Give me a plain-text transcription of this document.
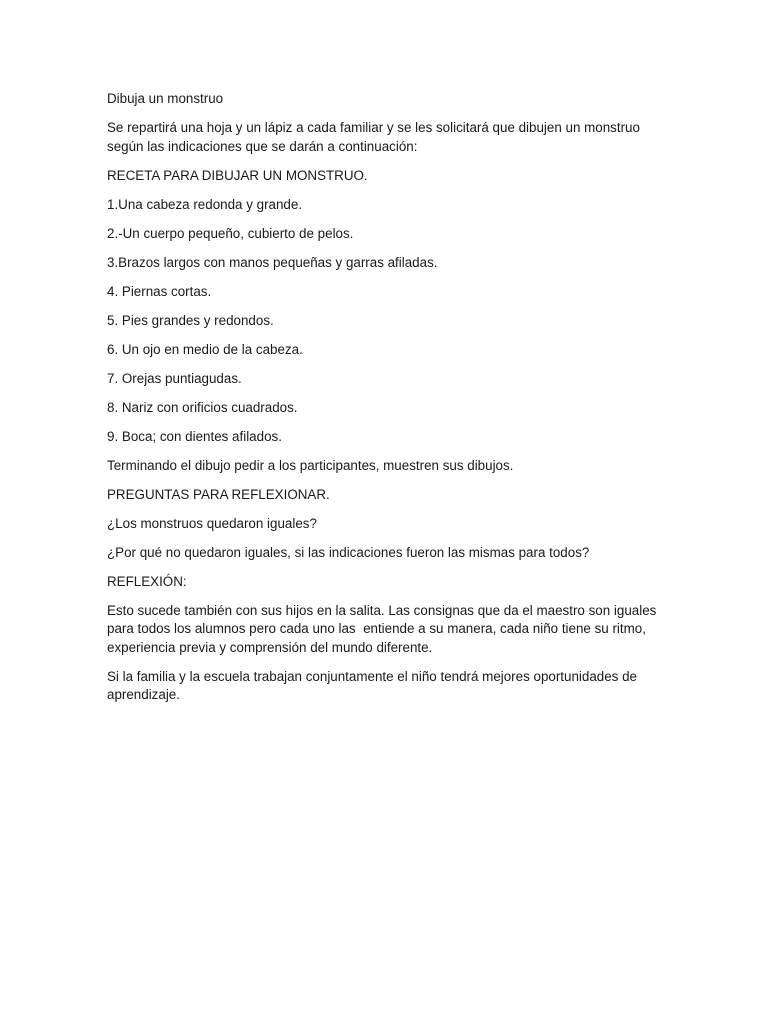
Dibuja un monstruo

Se repartirá una hoja y un lápiz a cada familiar y se les solicitará que dibujen un monstruo según las indicaciones que se darán a continuación:

RECETA PARA DIBUJAR UN MONSTRUO.

1.Una cabeza redonda y grande.

2.-Un cuerpo pequeño, cubierto de pelos.

3.Brazos largos con manos pequeñas y garras afiladas.

4. Piernas cortas.

5. Pies grandes y redondos.

6. Un ojo en medio de la cabeza.

7. Orejas puntiagudas.

8. Nariz con orificios cuadrados.

9. Boca; con dientes afilados.

Terminando el dibujo pedir a los participantes, muestren sus dibujos.

PREGUNTAS PARA REFLEXIONAR.

¿Los monstruos quedaron iguales?

¿Por qué no quedaron iguales, si las indicaciones fueron las mismas para todos?

REFLEXIÓN:

Esto sucede también con sus hijos en la salita. Las consignas que da el maestro son iguales para todos los alumnos pero cada uno las  entiende a su manera, cada niño tiene su ritmo, experiencia previa y comprensión del mundo diferente.

Si la familia y la escuela trabajan conjuntamente el niño tendrá mejores oportunidades de aprendizaje.
